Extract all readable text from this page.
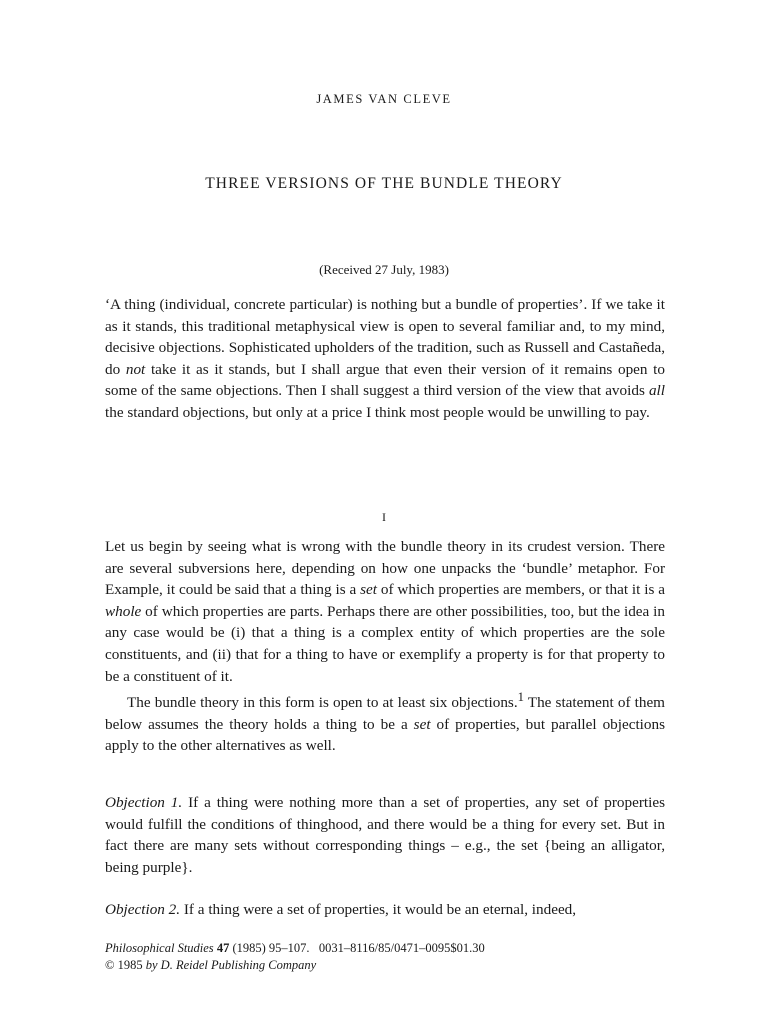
JAMES VAN CLEVE
THREE VERSIONS OF THE BUNDLE THEORY
(Received 27 July, 1983)

‘A thing (individual, concrete particular) is nothing but a bundle of properties’. If we take it as it stands, this traditional metaphysical view is open to several familiar and, to my mind, decisive objections. Sophisticated upholders of the tradition, such as Russell and Castañeda, do not take it as it stands, but I shall argue that even their version of it remains open to some of the same objections. Then I shall suggest a third version of the view that avoids all the standard objections, but only at a price I think most people would be unwilling to pay.

I

Let us begin by seeing what is wrong with the bundle theory in its crudest version. There are several subversions here, depending on how one unpacks the ‘bundle’ metaphor. For Example, it could be said that a thing is a set of which properties are members, or that it is a whole of which properties are parts. Perhaps there are other possibilities, too, but the idea in any case would be (i) that a thing is a complex entity of which properties are the sole constituents, and (ii) that for a thing to have or exemplify a property is for that property to be a constituent of it.

The bundle theory in this form is open to at least six objections.$^1$ The statement of them below assumes the theory holds a thing to be a set of properties, but parallel objections apply to the other alternatives as well.

Objection 1. If a thing were nothing more than a set of properties, any set of properties would fulfill the conditions of thinghood, and there would be a thing for every set. But in fact there are many sets without corresponding things – e.g., the set {being an alligator, being purple}.

Objection 2. If a thing were a set of properties, it would be an eternal, indeed,

Philosophical Studies 47 (1985) 95–107. 0031–8116/85/0471–0095$01.30
© 1985 by D. Reidel Publishing Company
